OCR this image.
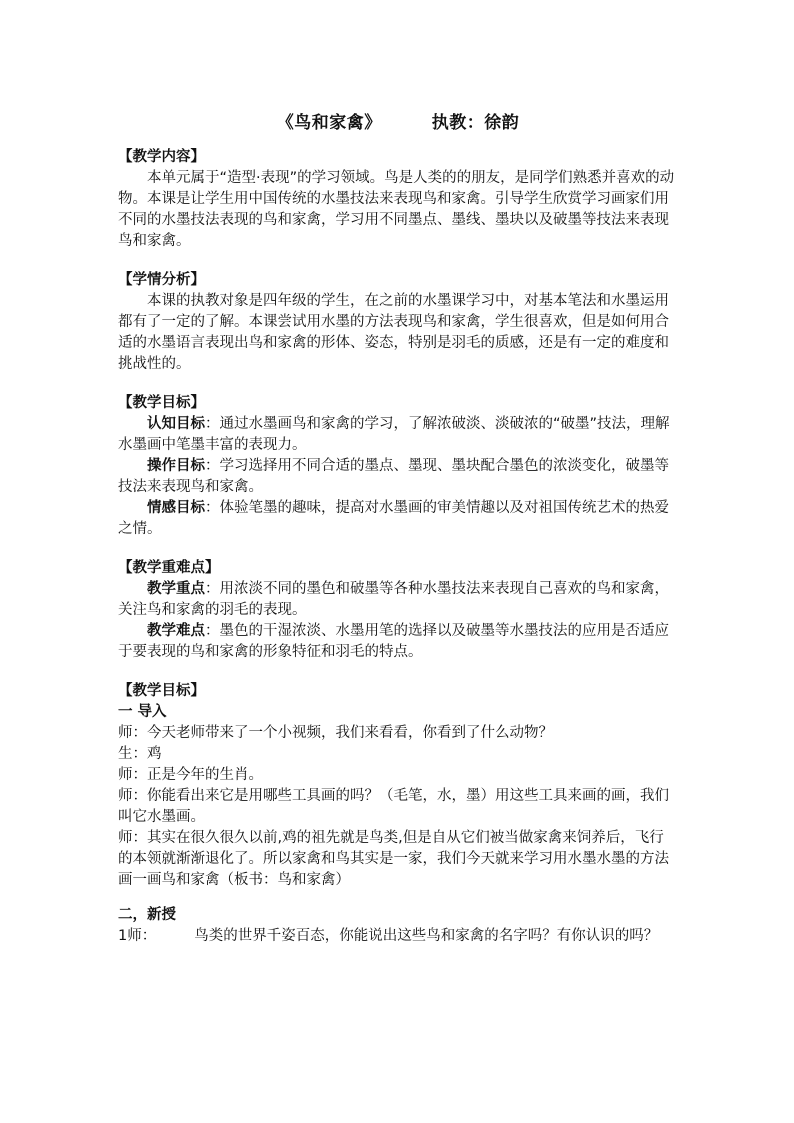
《鸟和家禽》	执教：徐韵

【教学内容】

本单元属于“造型·表现”的学习领域。鸟是人类的的朋友，是同学们熟悉并喜欢的动物。本课是让学生用中国传统的水墨技法来表现鸟和家禽。引导学生欣赏学习画家们用不同的水墨技法表现的鸟和家禽，学习用不同墨点、墨线、墨块以及破墨等技法来表现鸟和家禽。

【学情分析】

本课的执教对象是四年级的学生，在之前的水墨课学习中，对基本笔法和水墨运用都有了一定的了解。本课尝试用水墨的方法表现鸟和家禽，学生很喜欢，但是如何用合适的水墨语言表现出鸟和家禽的形体、姿态，特别是羽毛的质感，还是有一定的难度和挑战性的。

【教学目标】

认知目标：通过水墨画鸟和家禽的学习，了解浓破淡、淡破浓的“破墨”技法，理解水墨画中笔墨丰富的表现力。

操作目标：学习选择用不同合适的墨点、墨现、墨块配合墨色的浓淡变化，破墨等技法来表现鸟和家禽。

情感目标：体验笔墨的趣味，提高对水墨画的审美情趣以及对祖国传统艺术的热爱之情。

【教学重难点】

教学重点：用浓淡不同的墨色和破墨等各种水墨技法来表现自己喜欢的鸟和家禽，关注鸟和家禽的羽毛的表现。

教学难点：墨色的干湿浓淡、水墨用笔的选择以及破墨等水墨技法的应用是否适应于要表现的鸟和家禽的形象特征和羽毛的特点。

【教学目标】

一 导入

师：今天老师带来了一个小视频，我们来看看，你看到了什么动物？

生：鸡

师：正是今年的生肖。

师：你能看出来它是用哪些工具画的吗？（毛笔，水，墨）用这些工具来画的画，我们叫它水墨画。

师：其实在很久很久以前,鸡的祖先就是鸟类,但是自从它们被当做家禽来饲养后，飞行的本领就渐渐退化了。所以家禽和鸟其实是一家，我们今天就来学习用水墨水墨的方法画一画鸟和家禽（板书：鸟和家禽）

二，新授

1师：	鸟类的世界千姿百态，你能说出这些鸟和家禽的名字吗？有你认识的吗？
